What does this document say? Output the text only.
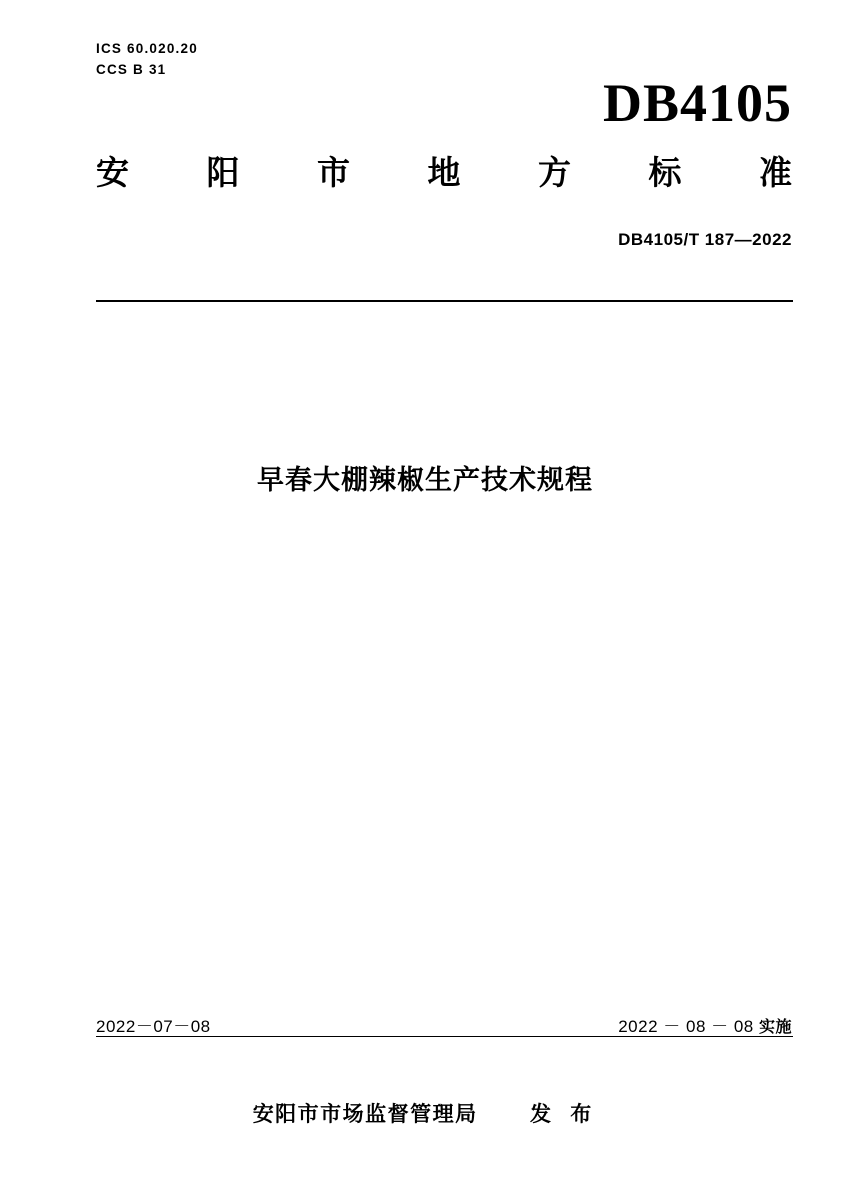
ICS 60.020.20
CCS B 31
DB4105
安 阳 市 地 方 标 准
DB4105/T 187—2022
早春大棚辣椒生产技术规程
2022－07－08	2022 － 08 － 08 实施
安阳市市场监督管理局 发 布
